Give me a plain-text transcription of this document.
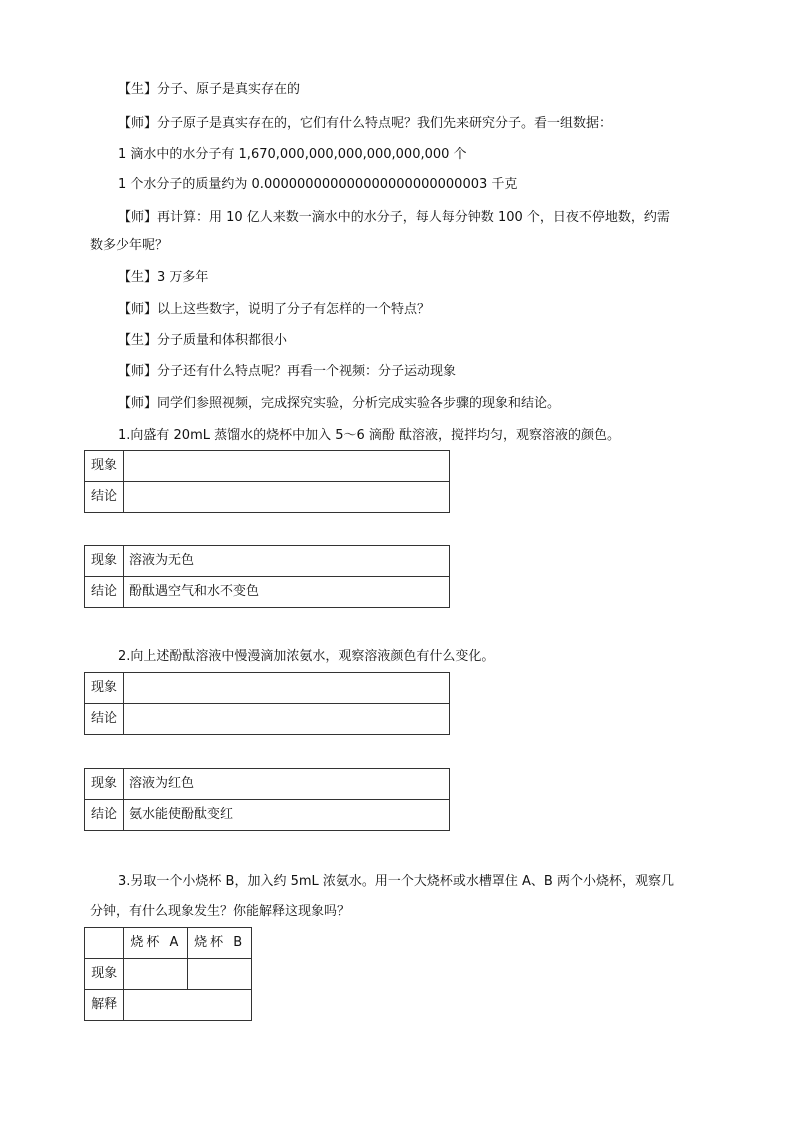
【生】分子、原子是真实存在的
【师】分子原子是真实存在的，它们有什么特点呢？我们先来研究分子。看一组数据：
1 滴水中的水分子有 1,670,000,000,000,000,000,000 个
1 个水分子的质量约为 0.000000000000000000000000003 千克
【师】再计算：用 10 亿人来数一滴水中的水分子，每人每分钟数 100 个，日夜不停地数，约需
数多少年呢？
【生】3 万多年
【师】以上这些数字，说明了分子有怎样的一个特点？
【生】分子质量和体积都很小
【师】分子还有什么特点呢？再看一个视频：分子运动现象
【师】同学们参照视频，完成探究实验，分析完成实验各步骤的现象和结论。
1.向盛有 20mL 蒸馏水的烧杯中加入 5～6 滴酚 酞溶液，搅拌均匀，观察溶液的颜色。
现象	
结论	
现象	溶液为无色
结论	酚酞遇空气和水不变色
2.向上述酚酞溶液中慢漫滴加浓氨水，观察溶液颜色有什么变化。
现象	
结论	
现象	溶液为红色
结论	氨水能使酚酞变红
3.另取一个小烧杯 B，加入约 5mL 浓氨水。用一个大烧杯或水槽罩住 A、B 两个小烧杯，观察几
分钟，有什么现象发生？你能解释这现象吗？
	烧杯 A	烧杯 B
现象		
解释		
